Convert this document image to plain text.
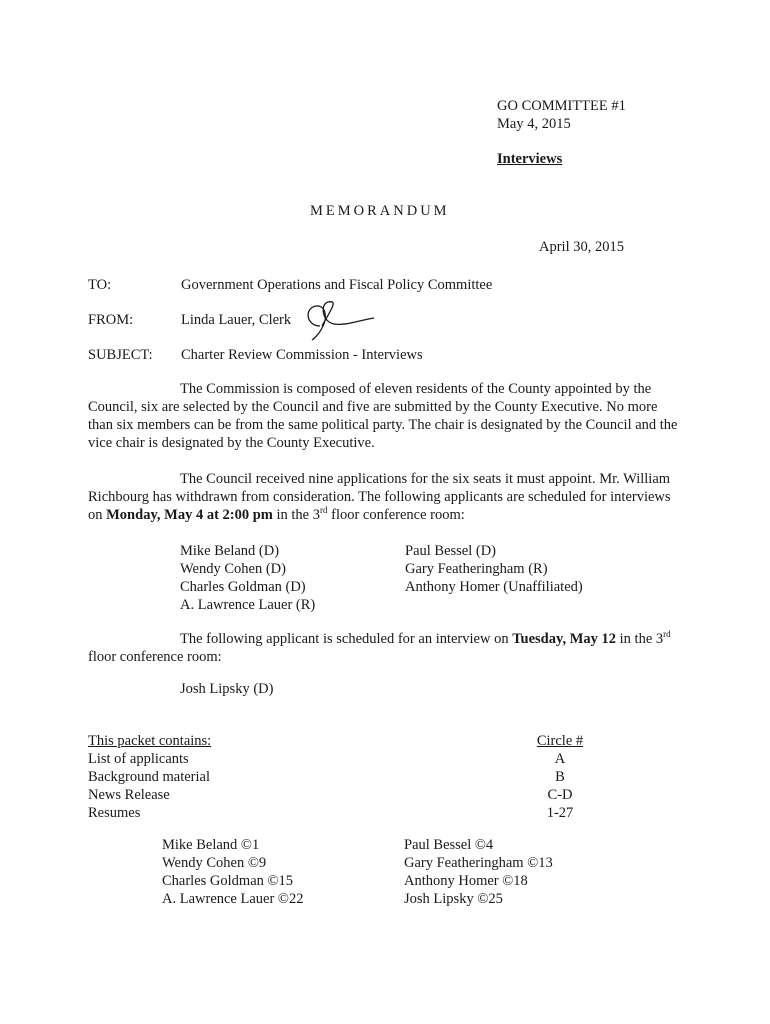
GO COMMITTEE #1
May 4, 2015
Interviews
MEMORANDUM
April 30, 2015
TO:	Government Operations and Fiscal Policy Committee
FROM:	Linda Lauer, Clerk
SUBJECT: Charter Review Commission - Interviews

The Commission is composed of eleven residents of the County appointed by the Council, six are selected by the Council and five are submitted by the County Executive. No more than six members can be from the same political party. The chair is designated by the Council and the vice chair is designated by the County Executive.

The Council received nine applications for the six seats it must appoint. Mr. William Richbourg has withdrawn from consideration. The following applicants are scheduled for interviews on Monday, May 4 at 2:00 pm in the 3rd floor conference room:

Mike Beland (D)
Wendy Cohen (D)
Charles Goldman (D)
A. Lawrence Lauer (R)
Paul Bessel (D)
Gary Featheringham (R)
Anthony Homer (Unaffiliated)

The following applicant is scheduled for an interview on Tuesday, May 12 in the 3rd floor conference room:

Josh Lipsky (D)
This packet contains:
List of applicants
Background material
News Release
Resumes
Circle #
A
B
C-D
1-27
Mike Beland ©1
Wendy Cohen ©9
Charles Goldman ©15
A. Lawrence Lauer ©22
Paul Bessel ©4
Gary Featheringham ©13
Anthony Homer ©18
Josh Lipsky ©25
